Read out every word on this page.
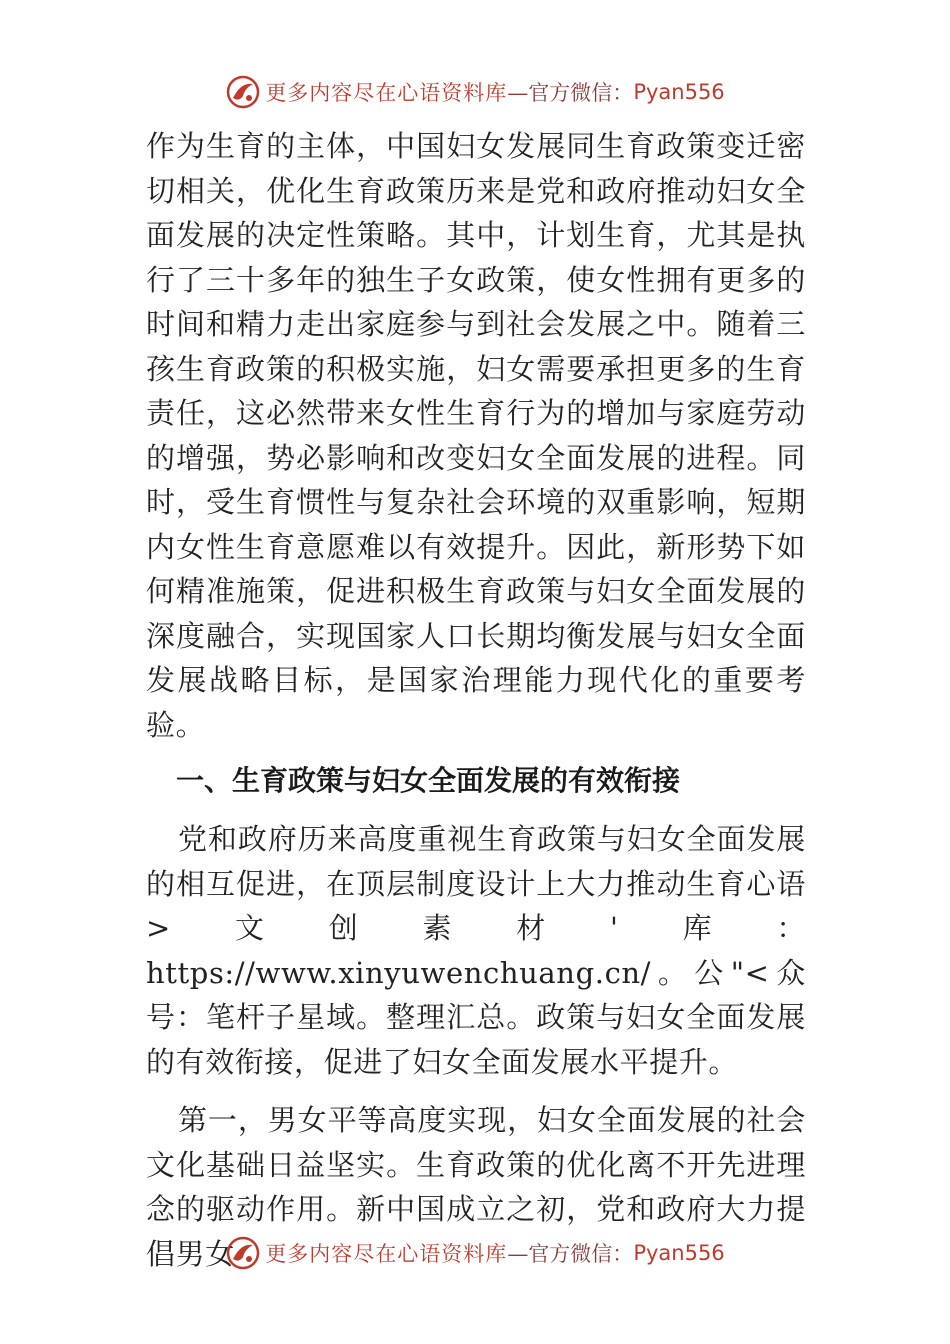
更多内容尽在心语资料库 —官方微信： Pyan556

作为生育的主体，中国妇女发展同生育政策变迁密切相关，优化生育政策历来是党和政府推动妇女全面发展的决定性策略。其中，计划生育，尤其是执行了三十多年的独生子女政策，使女性拥有更多的时间和精力走出家庭参与到社会发展之中。随着三孩生育政策的积极实施，妇女需要承担更多的生育责任，这必然带来女性生育行为的增加与家庭劳动的增强，势必影响和改变妇女全面发展的进程。同时，受生育惯性与复杂社会环境的双重影响，短期内女性生育意愿难以有效提升。因此，新形势下如何精准施策，促进积极生育政策与妇女全面发展的深度融合，实现国家人口长期均衡发展与妇女全面发展战略目标，是国家治理能力现代化的重要考验。

一、生育政策与妇女全面发展的有效衔接

党和政府历来高度重视生育政策与妇女全面发展的相互促进，在顶层制度设计上大力推动生育心语>文创素材'库：https://www.xinyuwenchuang.cn/。公"<众号：笔杆子星域。整理汇总。政策与妇女全面发展的有效衔接，促进了妇女全面发展水平提升。

第一，男女平等高度实现，妇女全面发展的社会文化基础日益坚实。生育政策的优化离不开先进理念的驱动作用。新中国成立之初，党和政府大力提倡男女	更多内容尽在心语资料库 —官方微信： Pyan556
